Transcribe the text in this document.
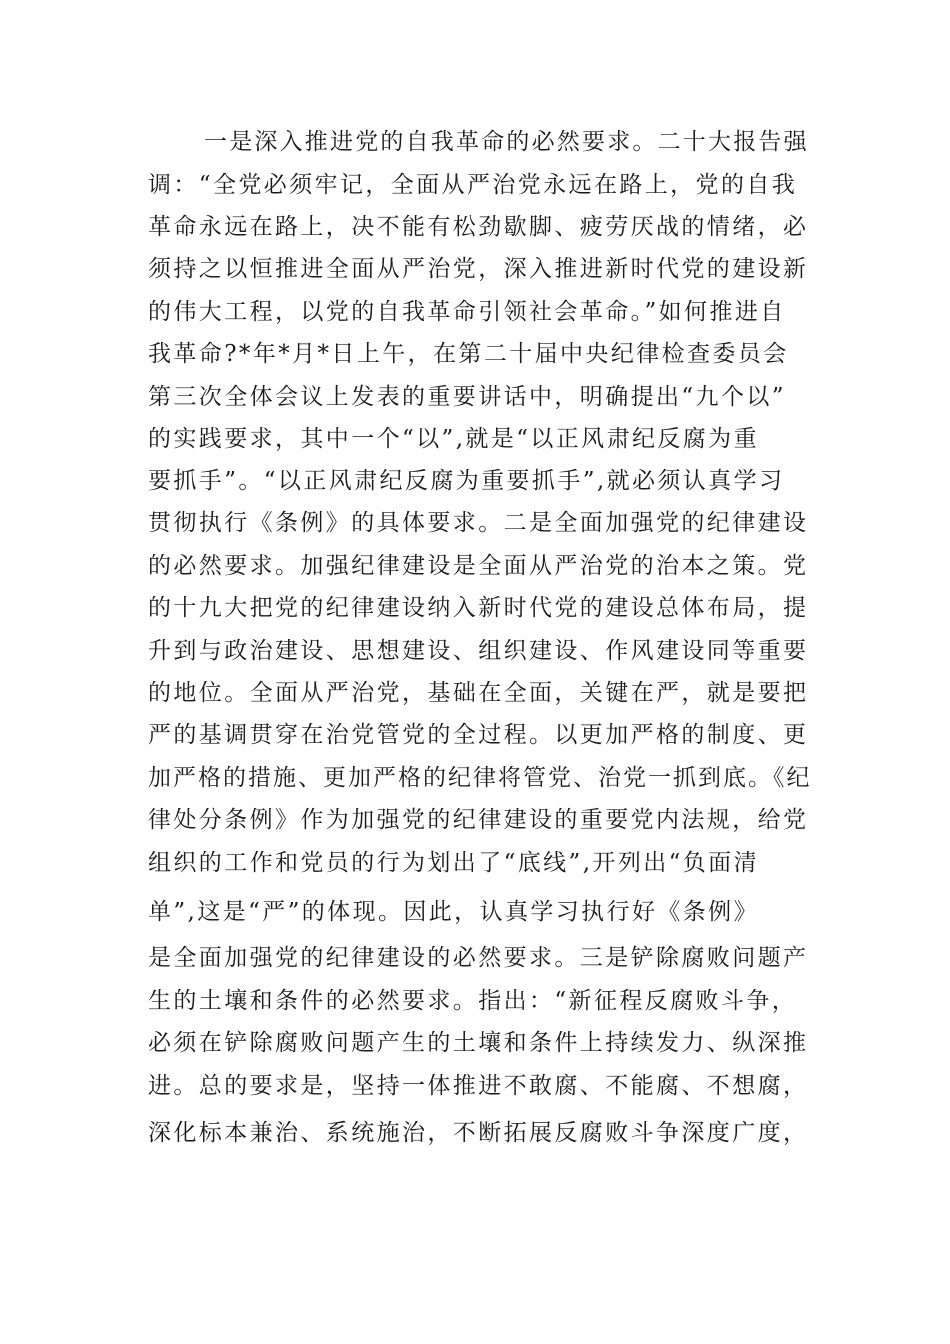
一是深入推进党的自我革命的必然要求。二十大报告强
调：“全党必须牢记，全面从严治党永远在路上，党的自我
革命永远在路上，决不能有松劲歇脚、疲劳厌战的情绪，必
须持之以恒推进全面从严治党，深入推进新时代党的建设新
的伟大工程，以党的自我革命引领社会革命。”如何推进自
我革命?*年*月*日上午，在第二十届中央纪律检查委员会
第三次全体会议上发表的重要讲话中，明确提出“九个以”
的实践要求，其中一个“以”,就是“以正风肃纪反腐为重
要抓手”。“以正风肃纪反腐为重要抓手”,就必须认真学习
贯彻执行《条例》的具体要求。二是全面加强党的纪律建设
的必然要求。加强纪律建设是全面从严治党的治本之策。党
的十九大把党的纪律建设纳入新时代党的建设总体布局，提
升到与政治建设、思想建设、组织建设、作风建设同等重要
的地位。全面从严治党，基础在全面，关键在严，就是要把
严的基调贯穿在治党管党的全过程。以更加严格的制度、更
加严格的措施、更加严格的纪律将管党、治党一抓到底。《纪
律处分条例》作为加强党的纪律建设的重要党内法规，给党
组织的工作和党员的行为划出了“底线”,开列出“负面清
单”,这是“严”的体现。因此，认真学习执行好《条例》
是全面加强党的纪律建设的必然要求。三是铲除腐败问题产
生的土壤和条件的必然要求。指出：“新征程反腐败斗争，
必须在铲除腐败问题产生的土壤和条件上持续发力、纵深推
进。总的要求是，坚持一体推进不敢腐、不能腐、不想腐，
深化标本兼治、系统施治，不断拓展反腐败斗争深度广度，
